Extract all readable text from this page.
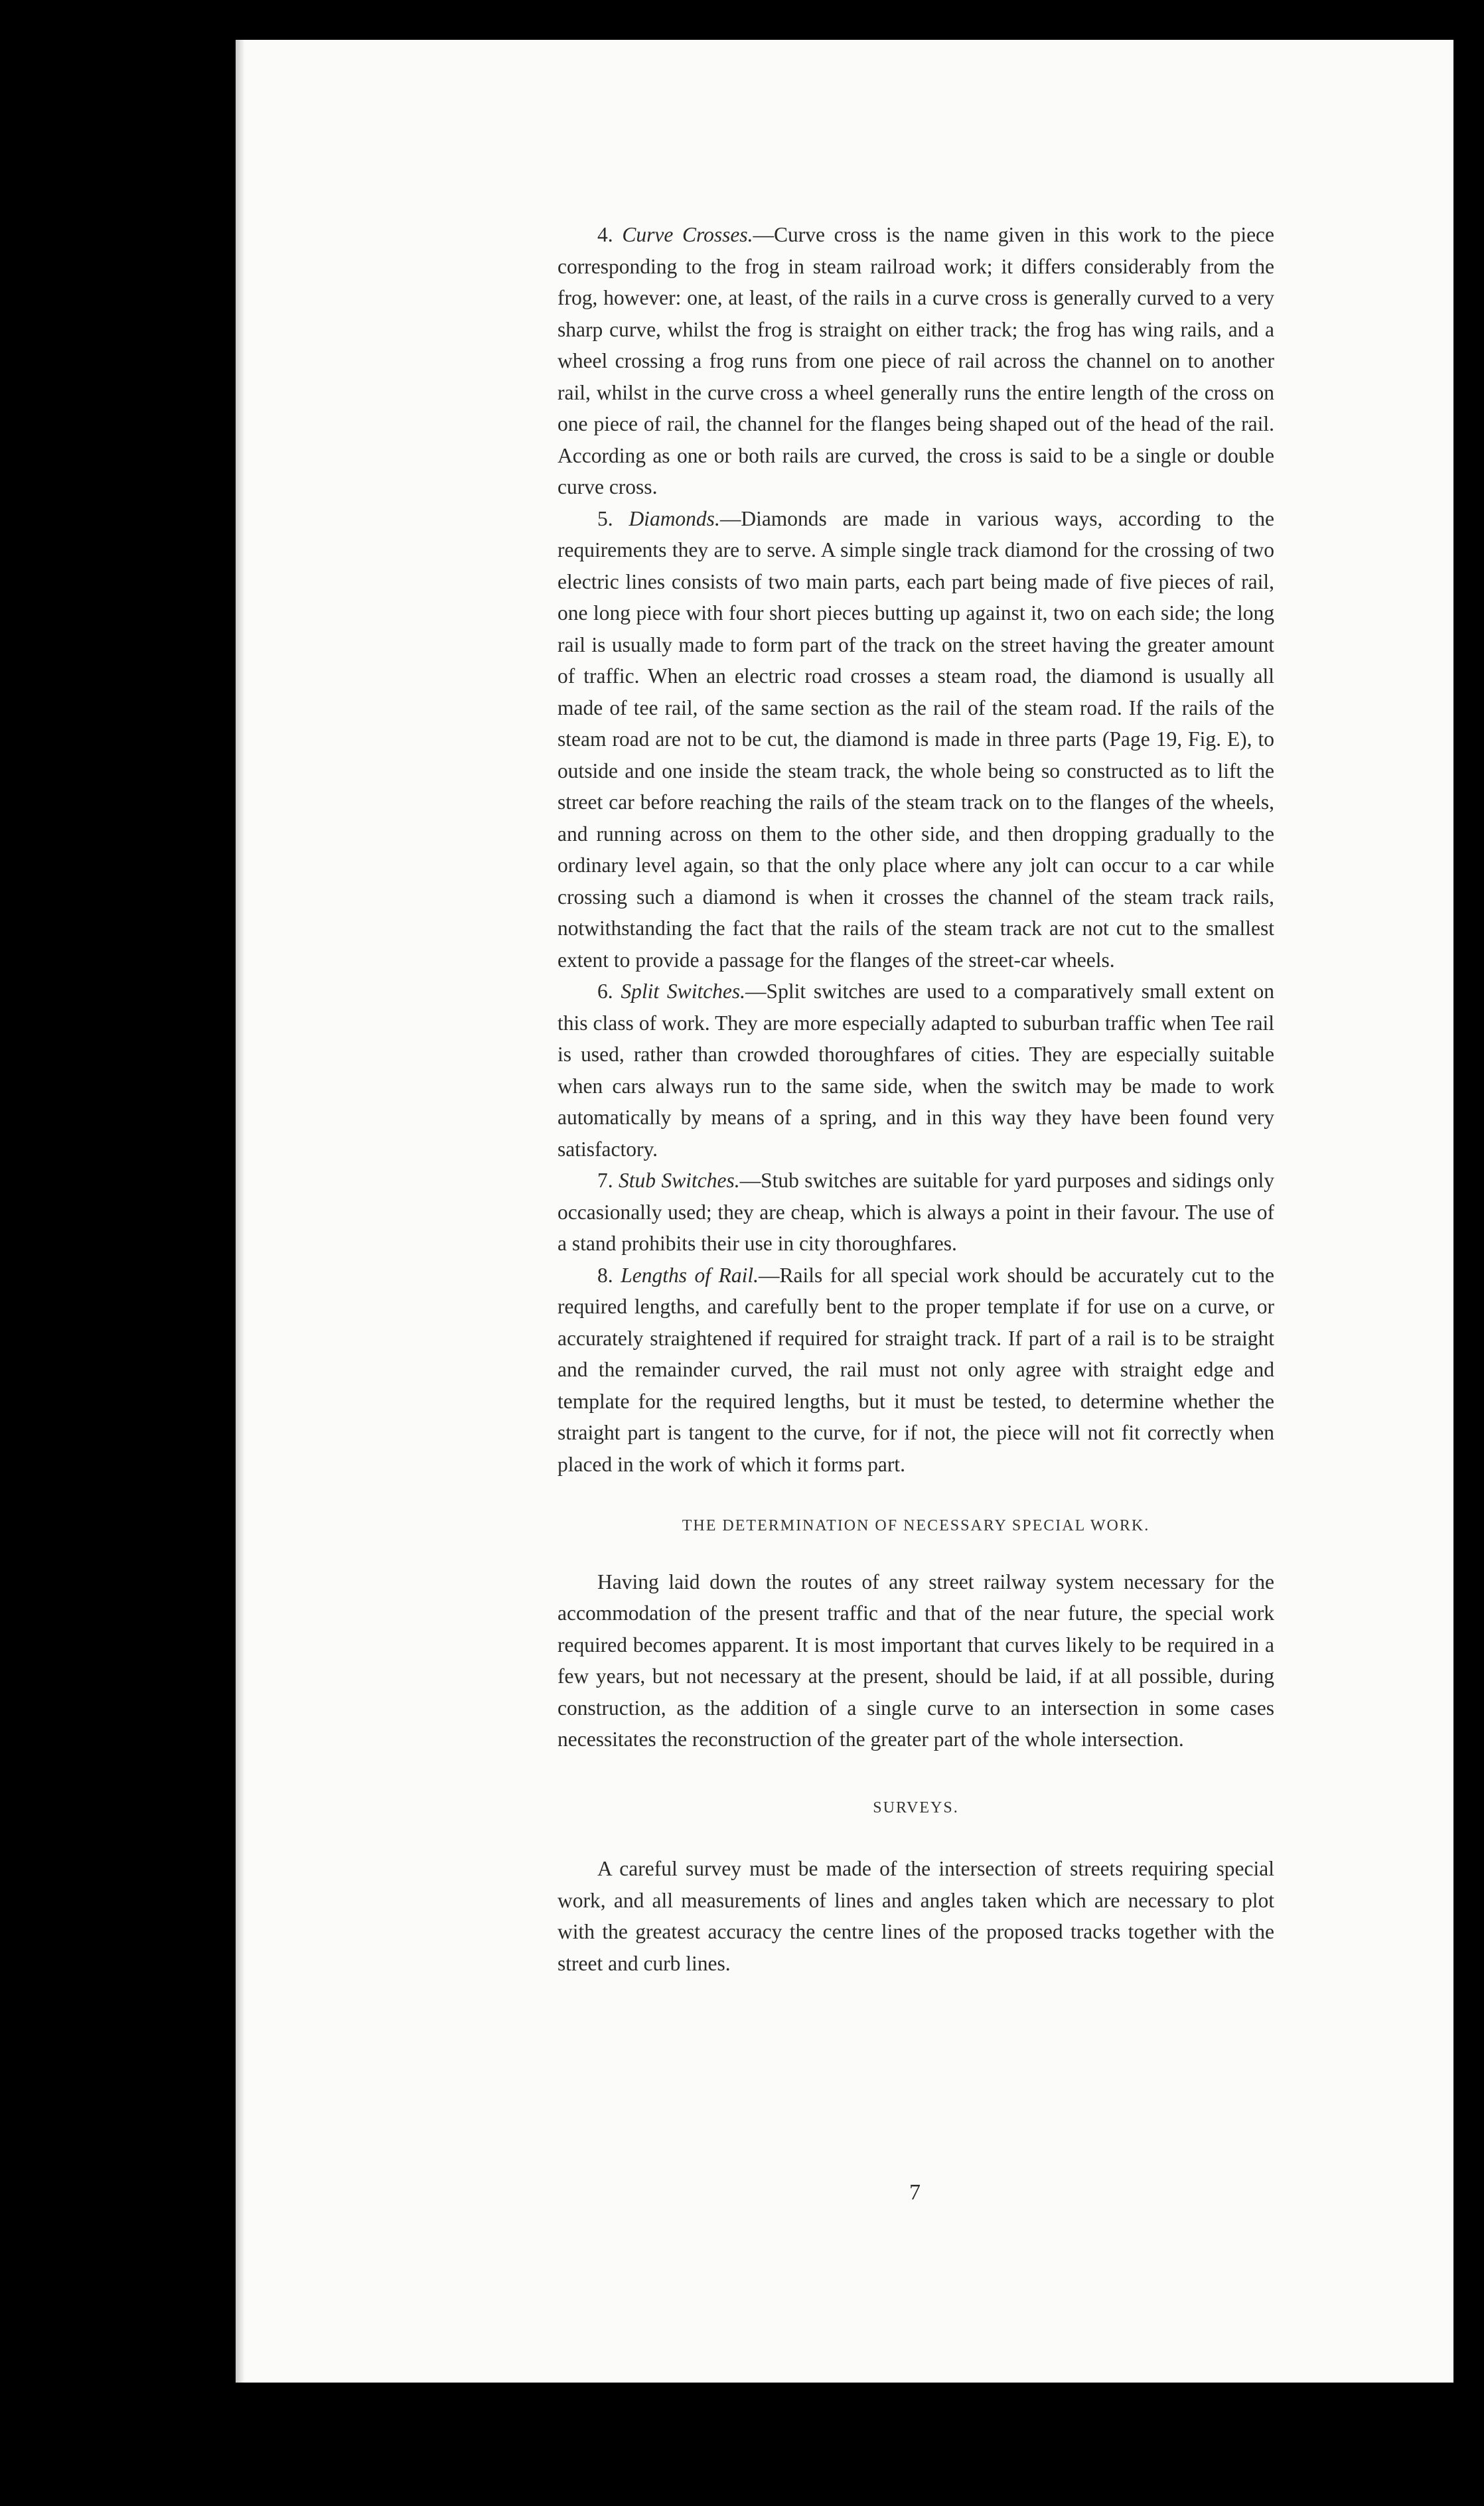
4. Curve Crosses.—Curve cross is the name given in this work to the piece corresponding to the frog in steam railroad work; it differs considerably from the frog, however: one, at least, of the rails in a curve cross is generally curved to a very sharp curve, whilst the frog is straight on either track; the frog has wing rails, and a wheel crossing a frog runs from one piece of rail across the channel on to another rail, whilst in the curve cross a wheel generally runs the entire length of the cross on one piece of rail, the channel for the flanges being shaped out of the head of the rail. According as one or both rails are curved, the cross is said to be a single or double curve cross.

5. Diamonds.—Diamonds are made in various ways, according to the requirements they are to serve. A simple single track diamond for the crossing of two electric lines consists of two main parts, each part being made of five pieces of rail, one long piece with four short pieces butting up against it, two on each side; the long rail is usually made to form part of the track on the street having the greater amount of traffic. When an electric road crosses a steam road, the diamond is usually all made of tee rail, of the same section as the rail of the steam road. If the rails of the steam road are not to be cut, the diamond is made in three parts (Page 19, Fig. E), to outside and one inside the steam track, the whole being so constructed as to lift the street car before reaching the rails of the steam track on to the flanges of the wheels, and running across on them to the other side, and then dropping gradually to the ordinary level again, so that the only place where any jolt can occur to a car while crossing such a diamond is when it crosses the channel of the steam track rails, notwithstanding the fact that the rails of the steam track are not cut to the smallest extent to provide a passage for the flanges of the street-car wheels.

6. Split Switches.—Split switches are used to a comparatively small extent on this class of work. They are more especially adapted to suburban traffic when Tee rail is used, rather than crowded thoroughfares of cities. They are especially suitable when cars always run to the same side, when the switch may be made to work automatically by means of a spring, and in this way they have been found very satisfactory.

7. Stub Switches.—Stub switches are suitable for yard purposes and sidings only occasionally used; they are cheap, which is always a point in their favour. The use of a stand prohibits their use in city thoroughfares.

8. Lengths of Rail.—Rails for all special work should be accurately cut to the required lengths, and carefully bent to the proper template if for use on a curve, or accurately straightened if required for straight track. If part of a rail is to be straight and the remainder curved, the rail must not only agree with straight edge and template for the required lengths, but it must be tested, to determine whether the straight part is tangent to the curve, for if not, the piece will not fit correctly when placed in the work of which it forms part.

THE DETERMINATION OF NECESSARY SPECIAL WORK.

Having laid down the routes of any street railway system necessary for the accommodation of the present traffic and that of the near future, the special work required becomes apparent. It is most important that curves likely to be required in a few years, but not necessary at the present, should be laid, if at all possible, during construction, as the addition of a single curve to an intersection in some cases necessitates the reconstruction of the greater part of the whole intersection.

SURVEYS.

A careful survey must be made of the intersection of streets requiring special work, and all measurements of lines and angles taken which are necessary to plot with the greatest accuracy the centre lines of the proposed tracks together with the street and curb lines.

7
